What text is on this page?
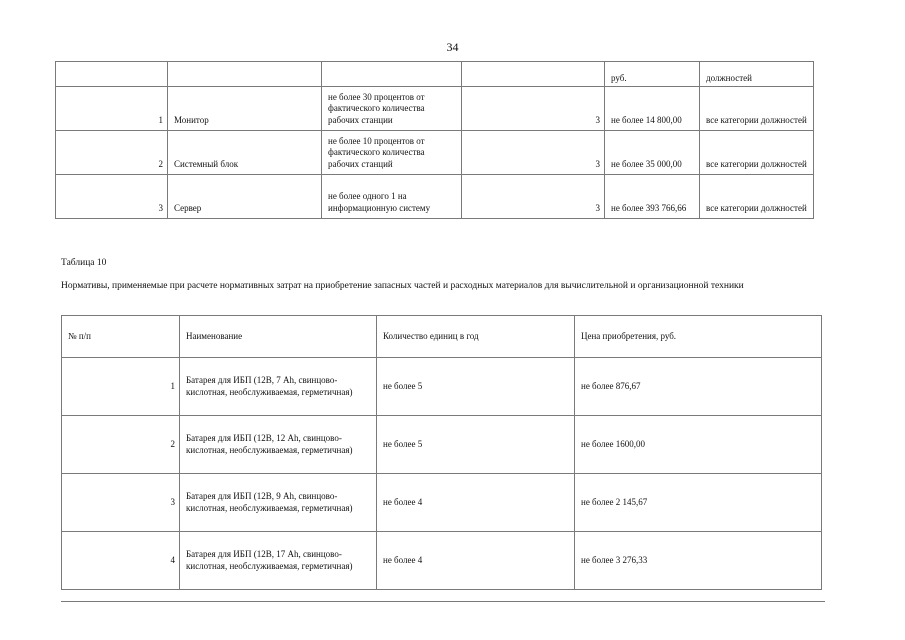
34
				руб.	должностей
1	Монитор	не более 30 процентов от фактического количества рабочих станции	3	не более 14 800,00	все категории должностей
2	Системный блок	не более 10 процентов от фактического количества рабочих станций	3	не более 35 000,00	все категории должностей
3	Сервер	не более одного 1 на информационную систему	3	не более 393 766,66	все категории должностей
Таблица 10
Нормативы, применяемые при расчете нормативных затрат на приобретение запасных частей и расходных материалов для вычислительной и организационной техники
№ п/п	Наименование	Количество единиц в год	Цена приобретения, руб.
1	Батарея для ИБП (12В, 7 Ah, свинцово-кислотная, необслуживаемая, герметичная)	не более 5	не более 876,67
2	Батарея для ИБП (12В, 12 Ah, свинцово-кислотная, необслуживаемая, герметичная)	не более 5	не более 1600,00
3	Батарея для ИБП (12В, 9 Ah, свинцово-кислотная, необслуживаемая, герметичная)	не более 4	не более 2 145,67
4	Батарея для ИБП (12В, 17 Ah, свинцово-кислотная, необслуживаемая, герметичная)	не более 4	не более 3 276,33
